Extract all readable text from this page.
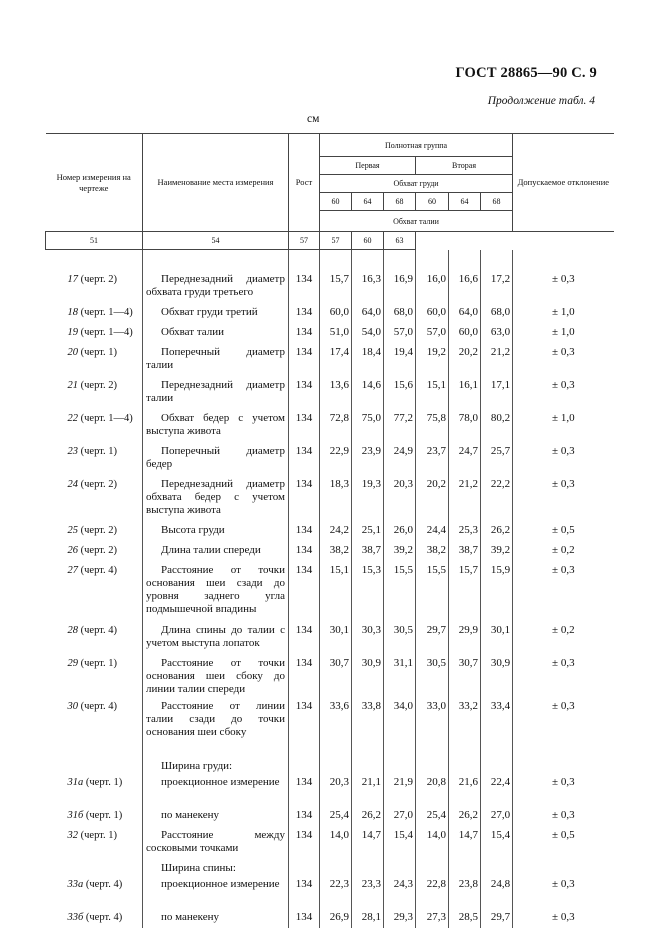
ГОСТ 28865—90 С. 9
Продолжение табл. 4
см
Номер измерения на чертеже	Наименование места измерения	Рост	Полнотная группа						Допускаемое отклонение
			Первая			Вторая			
			Обхват груди						
			60	64	68	60	64	68	
			Обхват талии						
51	54	57	57	60	63				

17 (черт. 2)	Переднезадний диаметр обхвата груди третьего	134	15,7	16,3	16,9	16,0	16,6	17,2	± 0,3
18 (черт. 1—4)	Обхват груди третий	134	60,0	64,0	68,0	60,0	64,0	68,0	± 1,0
19 (черт. 1—4)	Обхват талии	134	51,0	54,0	57,0	57,0	60,0	63,0	± 1,0
20 (черт. 1)	Поперечный диаметр талии	134	17,4	18,4	19,4	19,2	20,2	21,2	± 0,3
21 (черт. 2)	Переднезадний диаметр талии	134	13,6	14,6	15,6	15,1	16,1	17,1	± 0,3
22 (черт. 1—4)	Обхват бедер с учетом выступа живота	134	72,8	75,0	77,2	75,8	78,0	80,2	± 1,0
23 (черт. 1)	Поперечный диаметр бедер	134	22,9	23,9	24,9	23,7	24,7	25,7	± 0,3
24 (черт. 2)	Переднезадний диаметр обхвата бедер с учетом выступа живота	134	18,3	19,3	20,3	20,2	21,2	22,2	± 0,3
25 (черт. 2)	Высота груди	134	24,2	25,1	26,0	24,4	25,3	26,2	± 0,5
26 (черт. 2)	Длина талии спереди	134	38,2	38,7	39,2	38,2	38,7	39,2	± 0,2
27 (черт. 4)	Расстояние от точки основания шеи сзади до уровня заднего угла подмышечной впадины	134	15,1	15,3	15,5	15,5	15,7	15,9	± 0,3
28 (черт. 4)	Длина спины до талии с учетом выступа лопаток	134	30,1	30,3	30,5	29,7	29,9	30,1	± 0,2
29 (черт. 1)	Расстояние от точки основания шеи сбоку до линии талии спереди	134	30,7	30,9	31,1	30,5	30,7	30,9	± 0,3
30 (черт. 4)	Расстояние от линии талии сзади до точки основания шеи сбоку	134	33,6	33,8	34,0	33,0	33,2	33,4	± 0,3
	Ширина груди:								
31а (черт. 1)	проекционное измерение	134	20,3	21,1	21,9	20,8	21,6	22,4	± 0,3
31б (черт. 1)	по манекену	134	25,4	26,2	27,0	25,4	26,2	27,0	± 0,3
32 (черт. 1)	Расстояние между сосковыми точками	134	14,0	14,7	15,4	14,0	14,7	15,4	± 0,5
	Ширина спины:								
33а (черт. 4)	проекционное измерение	134	22,3	23,3	24,3	22,8	23,8	24,8	± 0,3
33б (черт. 4)	по манекену	134	26,9	28,1	29,3	27,3	28,5	29,7	± 0,3
